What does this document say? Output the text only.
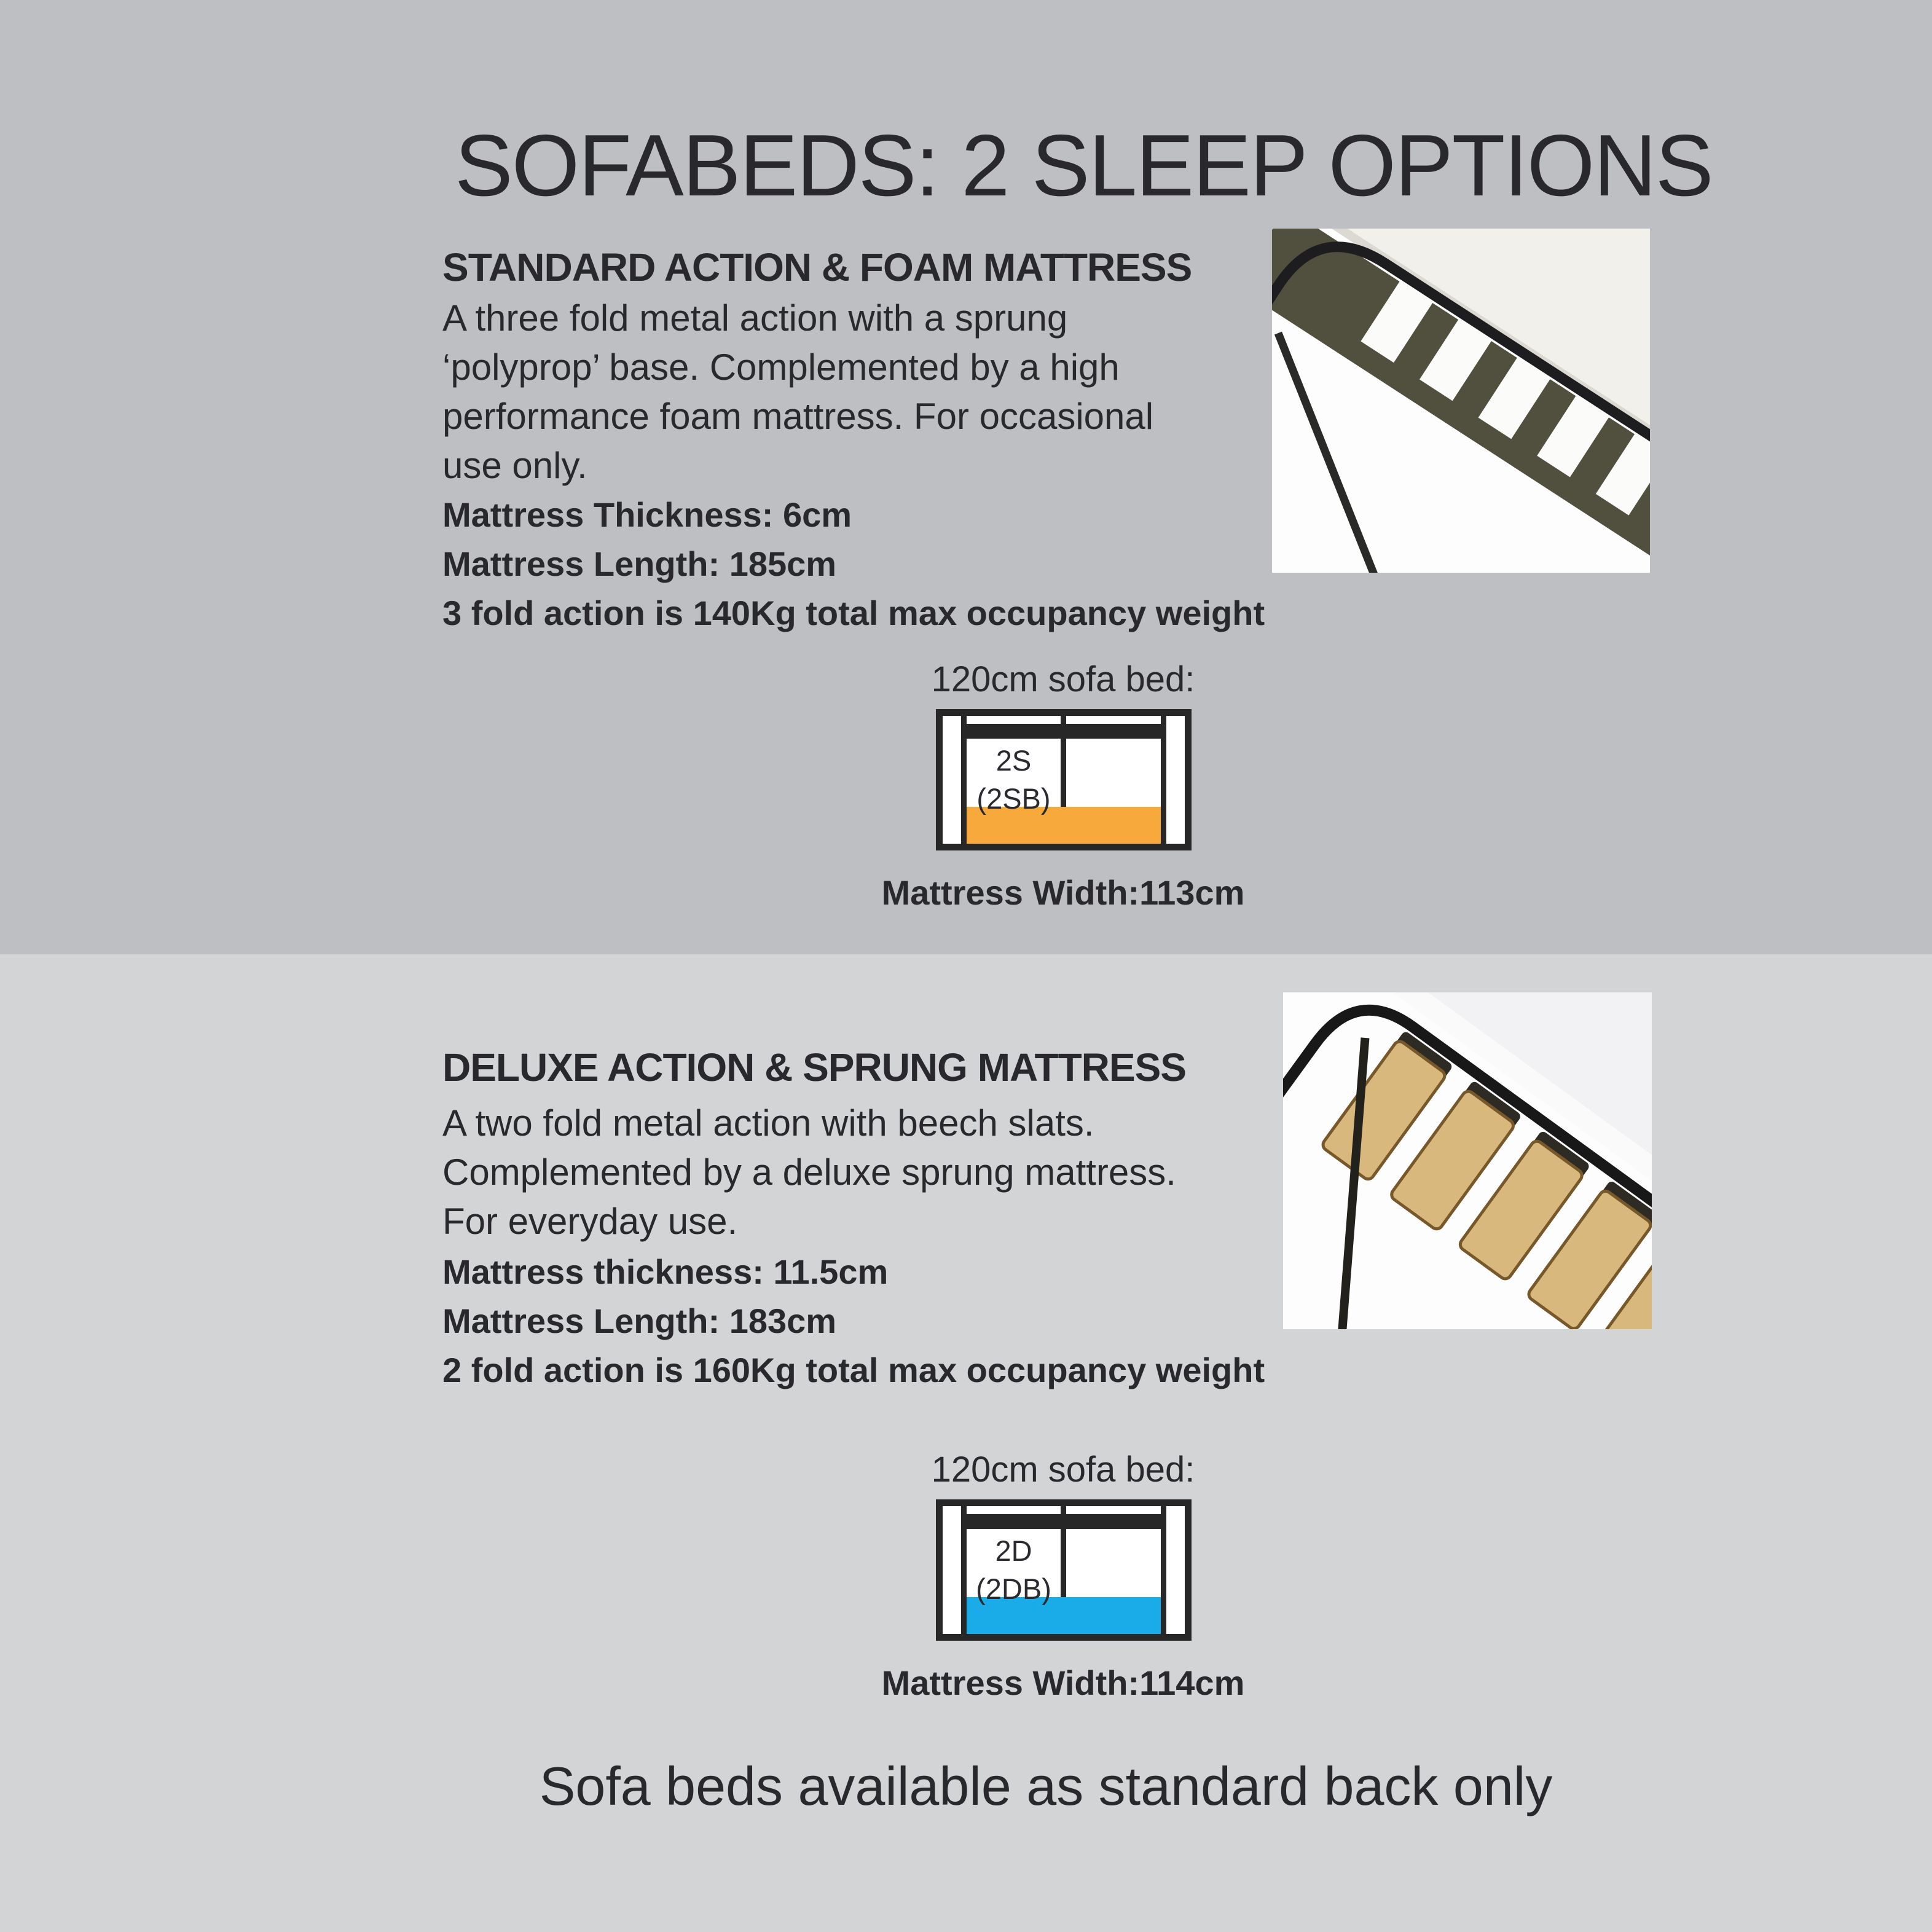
SOFABEDS: 2 SLEEP OPTIONS
STANDARD ACTION & FOAM MATTRESS
A three fold metal action with a sprung
‘polyprop’ base. Complemented by a high
performance foam mattress. For occasional
use only.
Mattress Thickness: 6cm
Mattress Length: 185cm
3 fold action is 140Kg total max occupancy weight
120cm sofa bed:
2S
(2SB)
Mattress Width:113cm
DELUXE ACTION & SPRUNG MATTRESS
A two fold metal action with beech slats.
Complemented by a deluxe sprung mattress.
For everyday use.
Mattress thickness: 11.5cm
Mattress Length: 183cm
2 fold action is 160Kg total max occupancy weight
120cm sofa bed:
2D
(2DB)
Mattress Width:114cm
Sofa beds available as standard back only
